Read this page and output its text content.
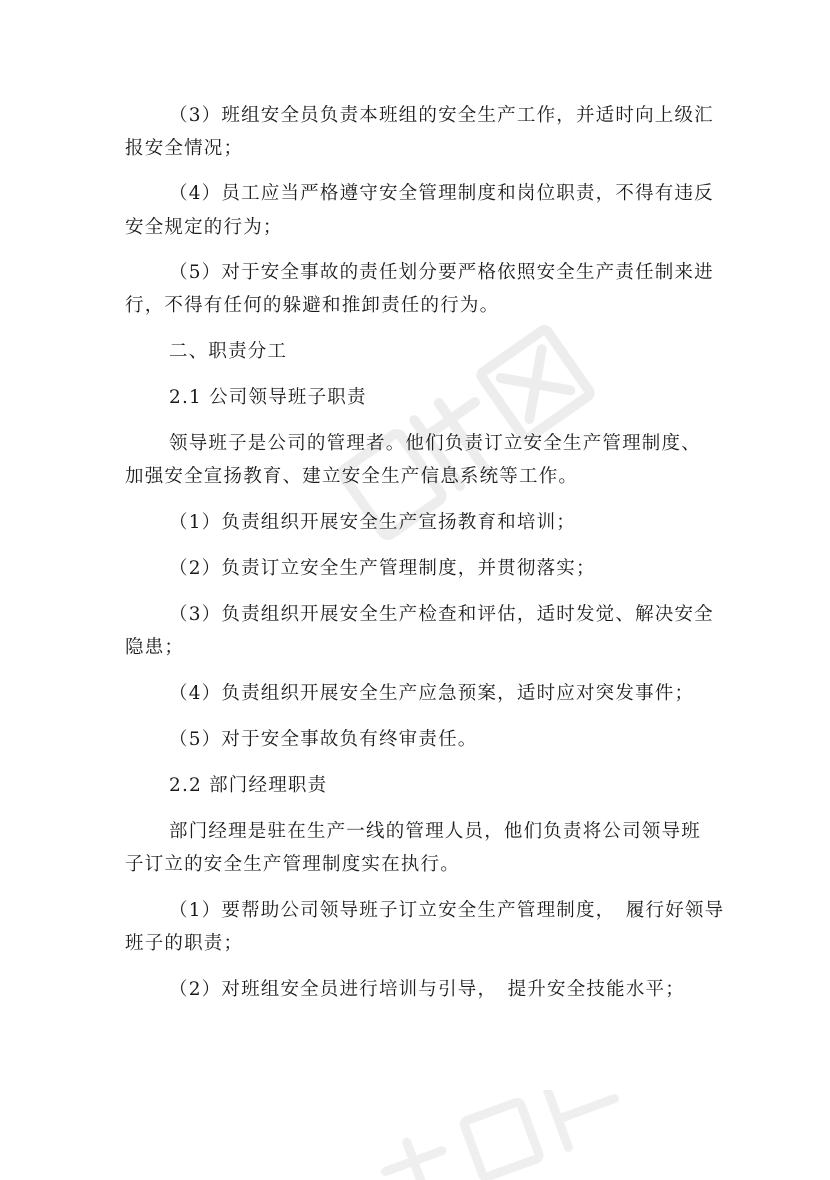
（3）班组安全员负责本班组的安全生产工作，并适时向上级汇
报安全情况；
（4）员工应当严格遵守安全管理制度和岗位职责，不得有违反
安全规定的行为；
（5）对于安全事故的责任划分要严格依照安全生产责任制来进
行，不得有任何的躲避和推卸责任的行为。
二、职责分工
2.1 公司领导班子职责
领导班子是公司的管理者。他们负责订立安全生产管理制度、
加强安全宣扬教育、建立安全生产信息系统等工作。
（1）负责组织开展安全生产宣扬教育和培训；
（2）负责订立安全生产管理制度，并贯彻落实；
（3）负责组织开展安全生产检查和评估，适时发觉、解决安全
隐患；
（4）负责组织开展安全生产应急预案，适时应对突发事件；
（5）对于安全事故负有终审责任。
2.2 部门经理职责
部门经理是驻在生产一线的管理人员，他们负责将公司领导班
子订立的安全生产管理制度实在执行。
（1）要帮助公司领导班子订立安全生产管理制度，　履行好领导
班子的职责；
（2）对班组安全员进行培训与引导，　提升安全技能水平；
